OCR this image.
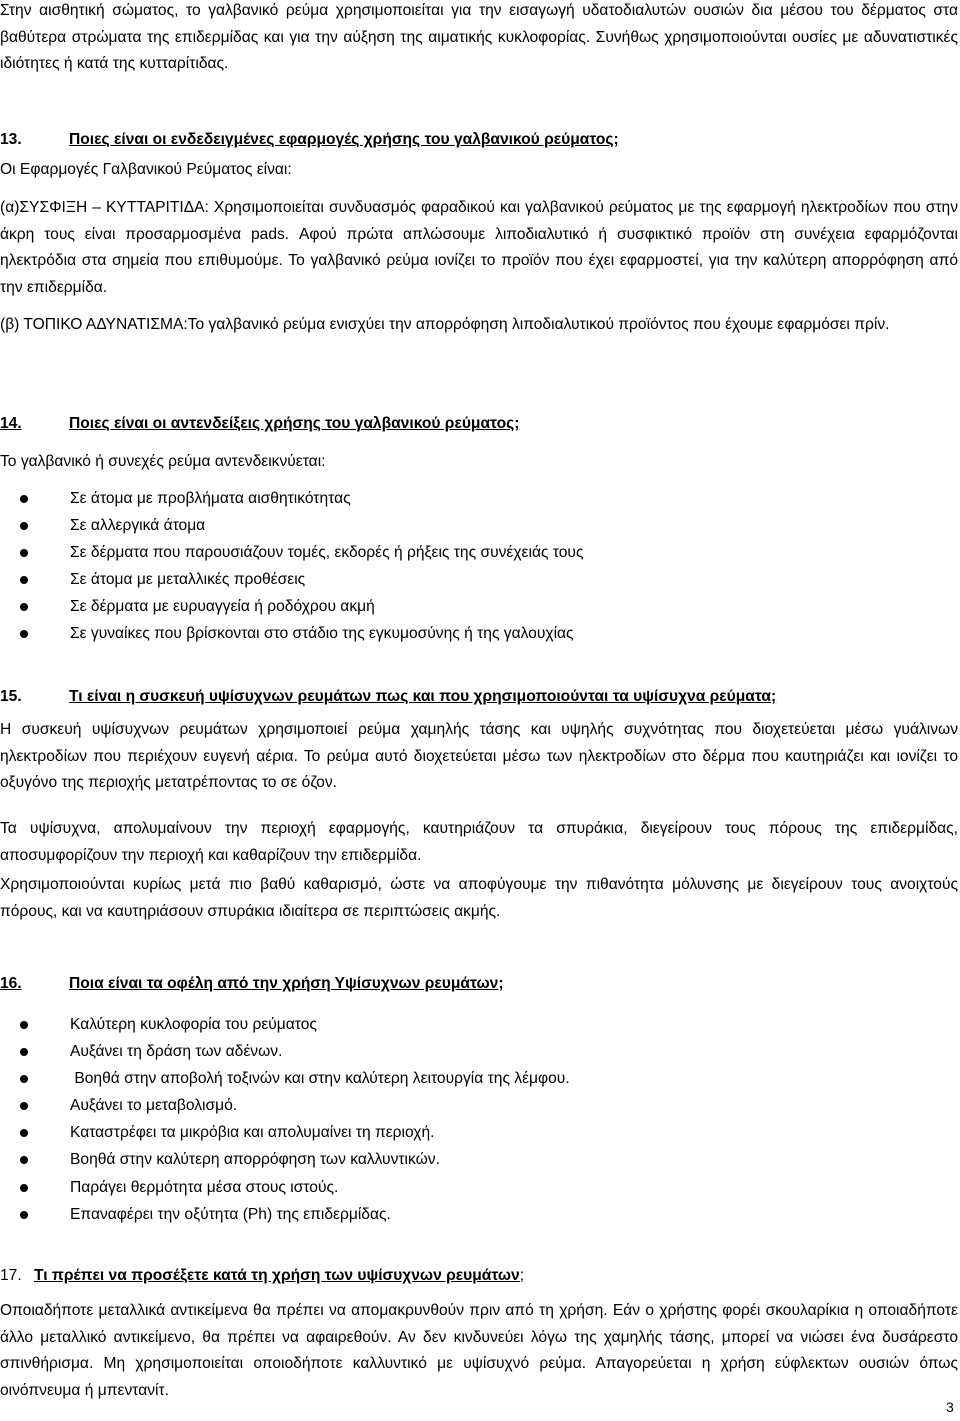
Στην αισθητική σώματος, το γαλβανικό ρεύμα χρησιμοποιείται για την εισαγωγή υδατοδιαλυτών ουσιών δια μέσου του δέρματος στα βαθύτερα στρώματα της επιδερμίδας και για την αύξηση της αιματικής κυκλοφορίας. Συνήθως χρησιμοποιούνται ουσίες με αδυνατιστικές ιδιότητες ή κατά της κυτταρίτιδας.

13.	Ποιες είναι οι ενδεδειγμένες εφαρμογές χρήσης του γαλβανικού ρεύματος;

Οι Εφαρμογές Γαλβανικού Ρεύματος είναι:

(α)ΣΥΣΦΙΞΗ – ΚΥΤΤΑΡΙΤΙΔΑ: Χρησιμοποιείται συνδυασμός φαραδικού και γαλβανικού ρεύματος με της εφαρμογή ηλεκτροδίων που στην άκρη τους είναι προσαρμοσμένα pads. Αφού πρώτα απλώσουμε λιποδιαλυτικό ή συσφικτικό προϊόν στη συνέχεια εφαρμόζονται ηλεκτρόδια στα σημεία που επιθυμούμε. Το γαλβανικό ρεύμα ιονίζει το προϊόν που έχει εφαρμοστεί, για την καλύτερη απορρόφηση από την επιδερμίδα.

(β) ΤΟΠΙΚΟ ΑΔΥΝΑΤΙΣΜΑ:Το γαλβανικό ρεύμα ενισχύει την απορρόφηση λιποδιαλυτικού προϊόντος που έχουμε εφαρμόσει πρίν.

14.	Ποιες είναι οι αντενδείξεις χρήσης του γαλβανικού ρεύματος;

Το γαλβανικό ή συνεχές ρεύμα αντενδεικνύεται:

Σε άτομα με προβλήματα αισθητικότητας
Σε αλλεργικά άτομα
Σε δέρματα που παρουσιάζουν τομές, εκδορές ή ρήξεις της συνέχειάς τους
Σε άτομα με μεταλλικές προθέσεις
Σε δέρματα με ευρυαγγεία ή ροδόχρου ακμή
Σε γυναίκες που βρίσκονται στο στάδιο της εγκυμοσύνης ή της γαλουχίας
15.	Τι είναι η συσκευή υψίσυχνων ρευμάτων πως και που χρησιμοποιούνται τα υψίσυχνα ρεύματα;

Η συσκευή υψίσυχνων ρευμάτων χρησιμοποιεί ρεύμα χαμηλής τάσης και υψηλής συχνότητας που διοχετεύεται μέσω γυάλινων ηλεκτροδίων που περιέχουν ευγενή αέρια. Το ρεύμα αυτό διοχετεύεται μέσω των ηλεκτροδίων στο δέρμα που καυτηριάζει και ιονίζει το οξυγόνο της περιοχής μετατρέποντας το σε όζον.

Τα υψίσυχνα, απολυμαίνουν την περιοχή εφαρμογής, καυτηριάζουν τα σπυράκια, διεγείρουν τους πόρους της επιδερμίδας, αποσυμφορίζουν την περιοχή και καθαρίζουν την επιδερμίδα.

Χρησιμοποιούνται κυρίως μετά πιο βαθύ καθαρισμό, ώστε να αποφύγουμε την πιθανότητα μόλυνσης με διεγείρουν τους ανοιχτούς πόρους, και να καυτηριάσουν σπυράκια ιδιαίτερα σε περιπτώσεις ακμής.

16.	Ποια είναι τα οφέλη από την χρήση Υψίσυχνων ρευμάτων;
Καλύτερη κυκλοφορία του ρεύματος
Αυξάνει τη δράση των αδένων.
Βοηθά στην αποβολή τοξινών και στην καλύτερη λειτουργία της λέμφου.
Αυξάνει το μεταβολισμό.
Καταστρέφει τα μικρόβια και απολυμαίνει τη περιοχή.
Βοηθά στην καλύτερη απορρόφηση των καλλυντικών.
Παράγει θερμότητα μέσα στους ιστούς.
Επαναφέρει την οξύτητα (Ph) της επιδερμίδας.
17. Τι πρέπει να προσέξετε κατά τη χρήση των υψίσυχνων ρευμάτων;

Οποιαδήποτε μεταλλικά αντικείμενα θα πρέπει να απομακρυνθούν πριν από τη χρήση. Εάν ο χρήστης φορέι σκουλαρίκια η οποιαδήποτε άλλο μεταλλικό αντικείμενο, θα πρέπει να αφαιρεθούν. Αν δεν κινδυνεύει λόγω της χαμηλής τάσης, μπορεί να νιώσει ένα δυσάρεστο σπινθήρισμα. Μη χρησιμοποιείται οποιοδήποτε καλλυντικό με υψίσυχνό ρεύμα. Απαγορεύεται η χρήση εύφλεκτων ουσιών όπως οινόπνευμα ή μπεντανίτ.

3
